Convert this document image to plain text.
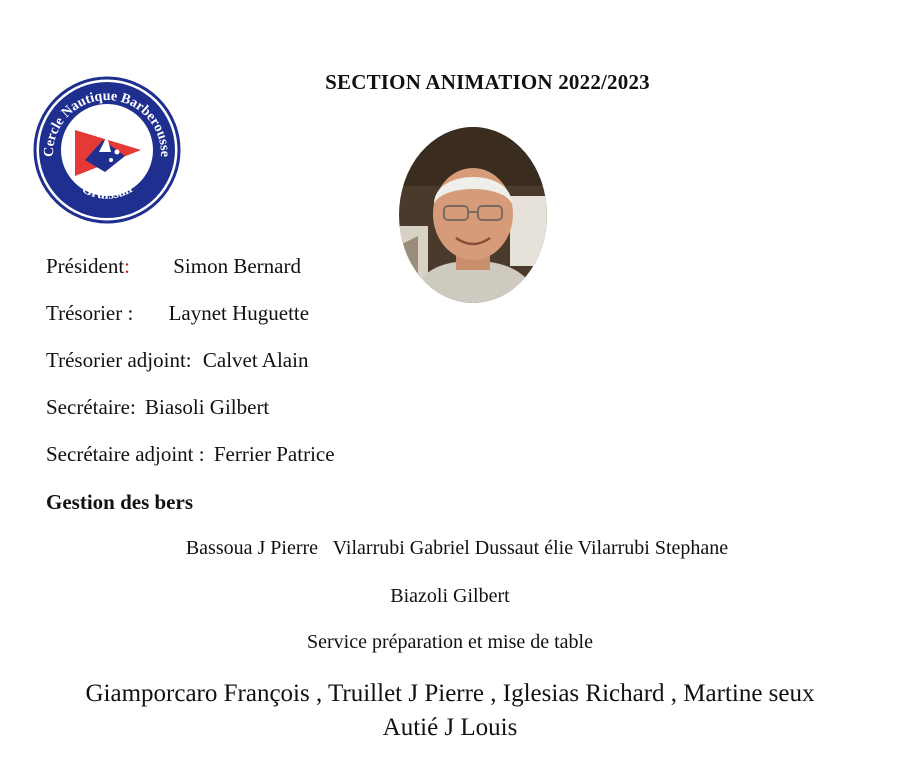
SECTION ANIMATION 2022/2023
Cercle Nautique Barberousse
Gruissan
Président: Simon Bernard
Trésorier : Laynet Huguette
Trésorier adjoint: Calvet Alain
Secrétaire: Biasoli Gilbert
Secrétaire adjoint : Ferrier Patrice
Gestion des bers
Bassoua J Pierre   Vilarrubi Gabriel Dussaut élie Vilarrubi Stephane
Biazoli Gilbert
Service préparation et mise de table
Giamporcaro François , Truillet J Pierre , Iglesias Richard , Martine seux
Autié J Louis
